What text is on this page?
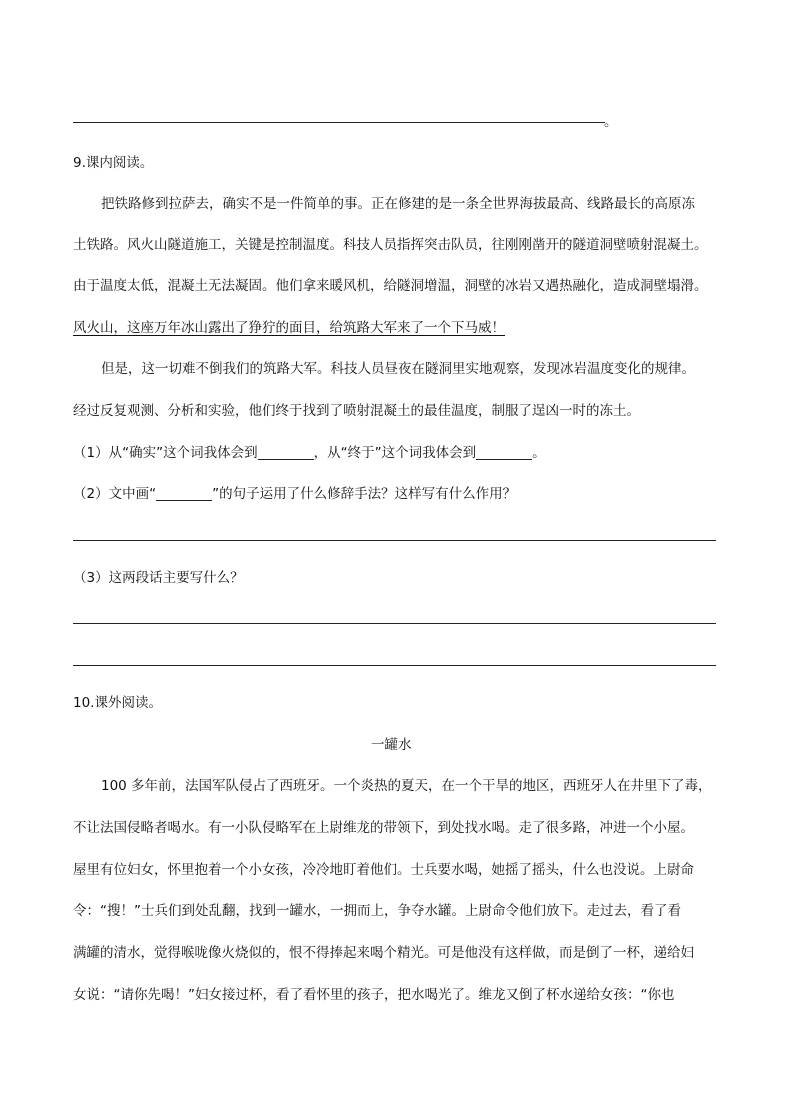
。
9.课内阅读。
把铁路修到拉萨去，确实不是一件简单的事。正在修建的是一条全世界海拔最高、线路最长的高原冻
土铁路。风火山隧道施工，关键是控制温度。科技人员指挥突击队员，往刚刚凿开的隧道洞壁喷射混凝土。
由于温度太低，混凝土无法凝固。他们拿来暖风机，给隧洞增温，洞壁的冰岩又遇热融化，造成洞壁塌滑。
风火山，这座万年冰山露出了狰狞的面目，给筑路大军来了一个下马威！
但是，这一切难不倒我们的筑路大军。科技人员昼夜在隧洞里实地观察，发现冰岩温度变化的规律。
经过反复观测、分析和实验，他们终于找到了喷射混凝土的最佳温度，制服了逞凶一时的冻土。
（1）从“确实”这个词我体会到	，从“终于”这个词我体会到	。
（2）文中画“	”的句子运用了什么修辞手法？这样写有什么作用？
（3）这两段话主要写什么？
10.课外阅读。
一罐水
100 多年前，法国军队侵占了西班牙。一个炎热的夏天，在一个干旱的地区，西班牙人在井里下了毒，
不让法国侵略者喝水。有一小队侵略军在上尉维龙的带领下，到处找水喝。走了很多路，冲进一个小屋。
屋里有位妇女，怀里抱着一个小女孩，冷冷地盯着他们。士兵要水喝，她摇了摇头，什么也没说。上尉命
令：“搜！”士兵们到处乱翻，找到一罐水，一拥而上，争夺水罐。上尉命令他们放下。走过去，看了看
满罐的清水，觉得喉咙像火烧似的，恨不得捧起来喝个精光。可是他没有这样做，而是倒了一杯，递给妇
女说：“请你先喝！”妇女接过杯，看了看怀里的孩子，把水喝光了。维龙又倒了杯水递给女孩：“你也
